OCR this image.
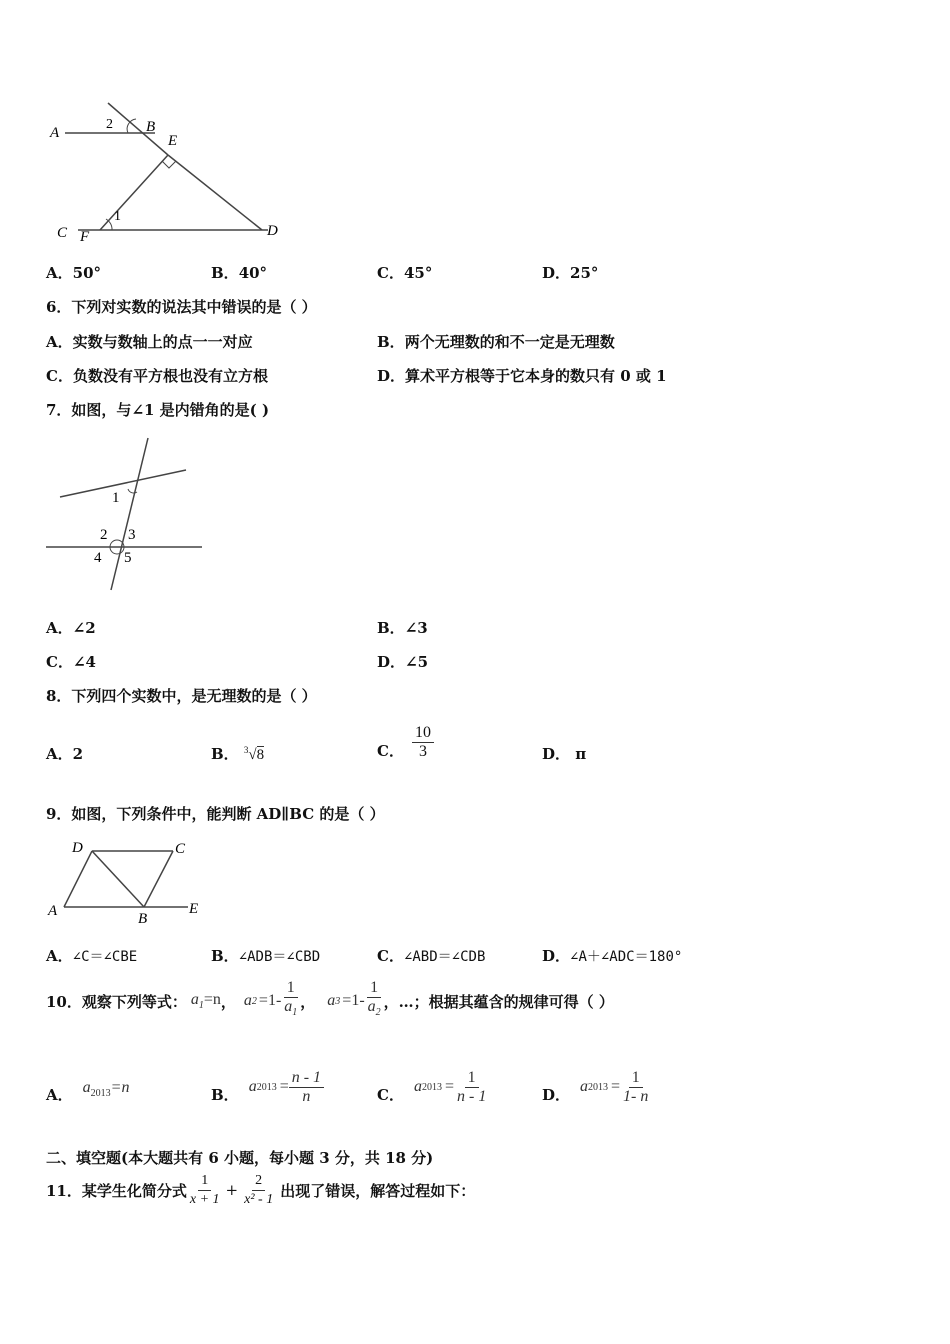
A	B
E
C F	D
1
2
A．50°	B．40°	C．45°	D．25°
6．下列对实数的说法其中错误的是（ ）
A．实数与数轴上的点一一对应	B．两个无理数的和不一定是无理数
C．负数没有平方根也没有立方根	D．算术平方根等于它本身的数只有 0 或 1
7．如图，与∠1 是内错角的是( )
1
2 3
4 5
A．∠2	B．∠3
C．∠4	D．∠5
8．下列四个实数中，是无理数的是（ ）
A．2	B． $^3$√8	C． $\frac{10}{3}$	D． π
9．如图，下列条件中，能判断 AD∥BC 的是（ ）
D	C
A	B
E
A．∠C＝∠CBE	B．∠ADB＝∠CBD	C．∠ABD＝∠CDB	D．∠A＋∠ADC＝180°
10．观察下列等式： $a_1=n$ ， a $2 =1- \frac{1}{a_1}$ ， a $3 =1- \frac{1}{a_2}$ ，…；根据其蕴含的规律可得（ ）
A． $a_{2013}=n$	B． a $2013 = \frac{n - 1}{n}$	C． a $2013 = \frac{1}{n - 1}$	D． a $2013 = \frac{1}{1- n}$
二、填空题(本大题共有 6 小题，每小题 3 分，共 18 分)
11．某学生化简分式 $\frac{1}{x + 1} + \frac{2}{\text{x² - 1}}$ 出现了错误，解答过程如下：
